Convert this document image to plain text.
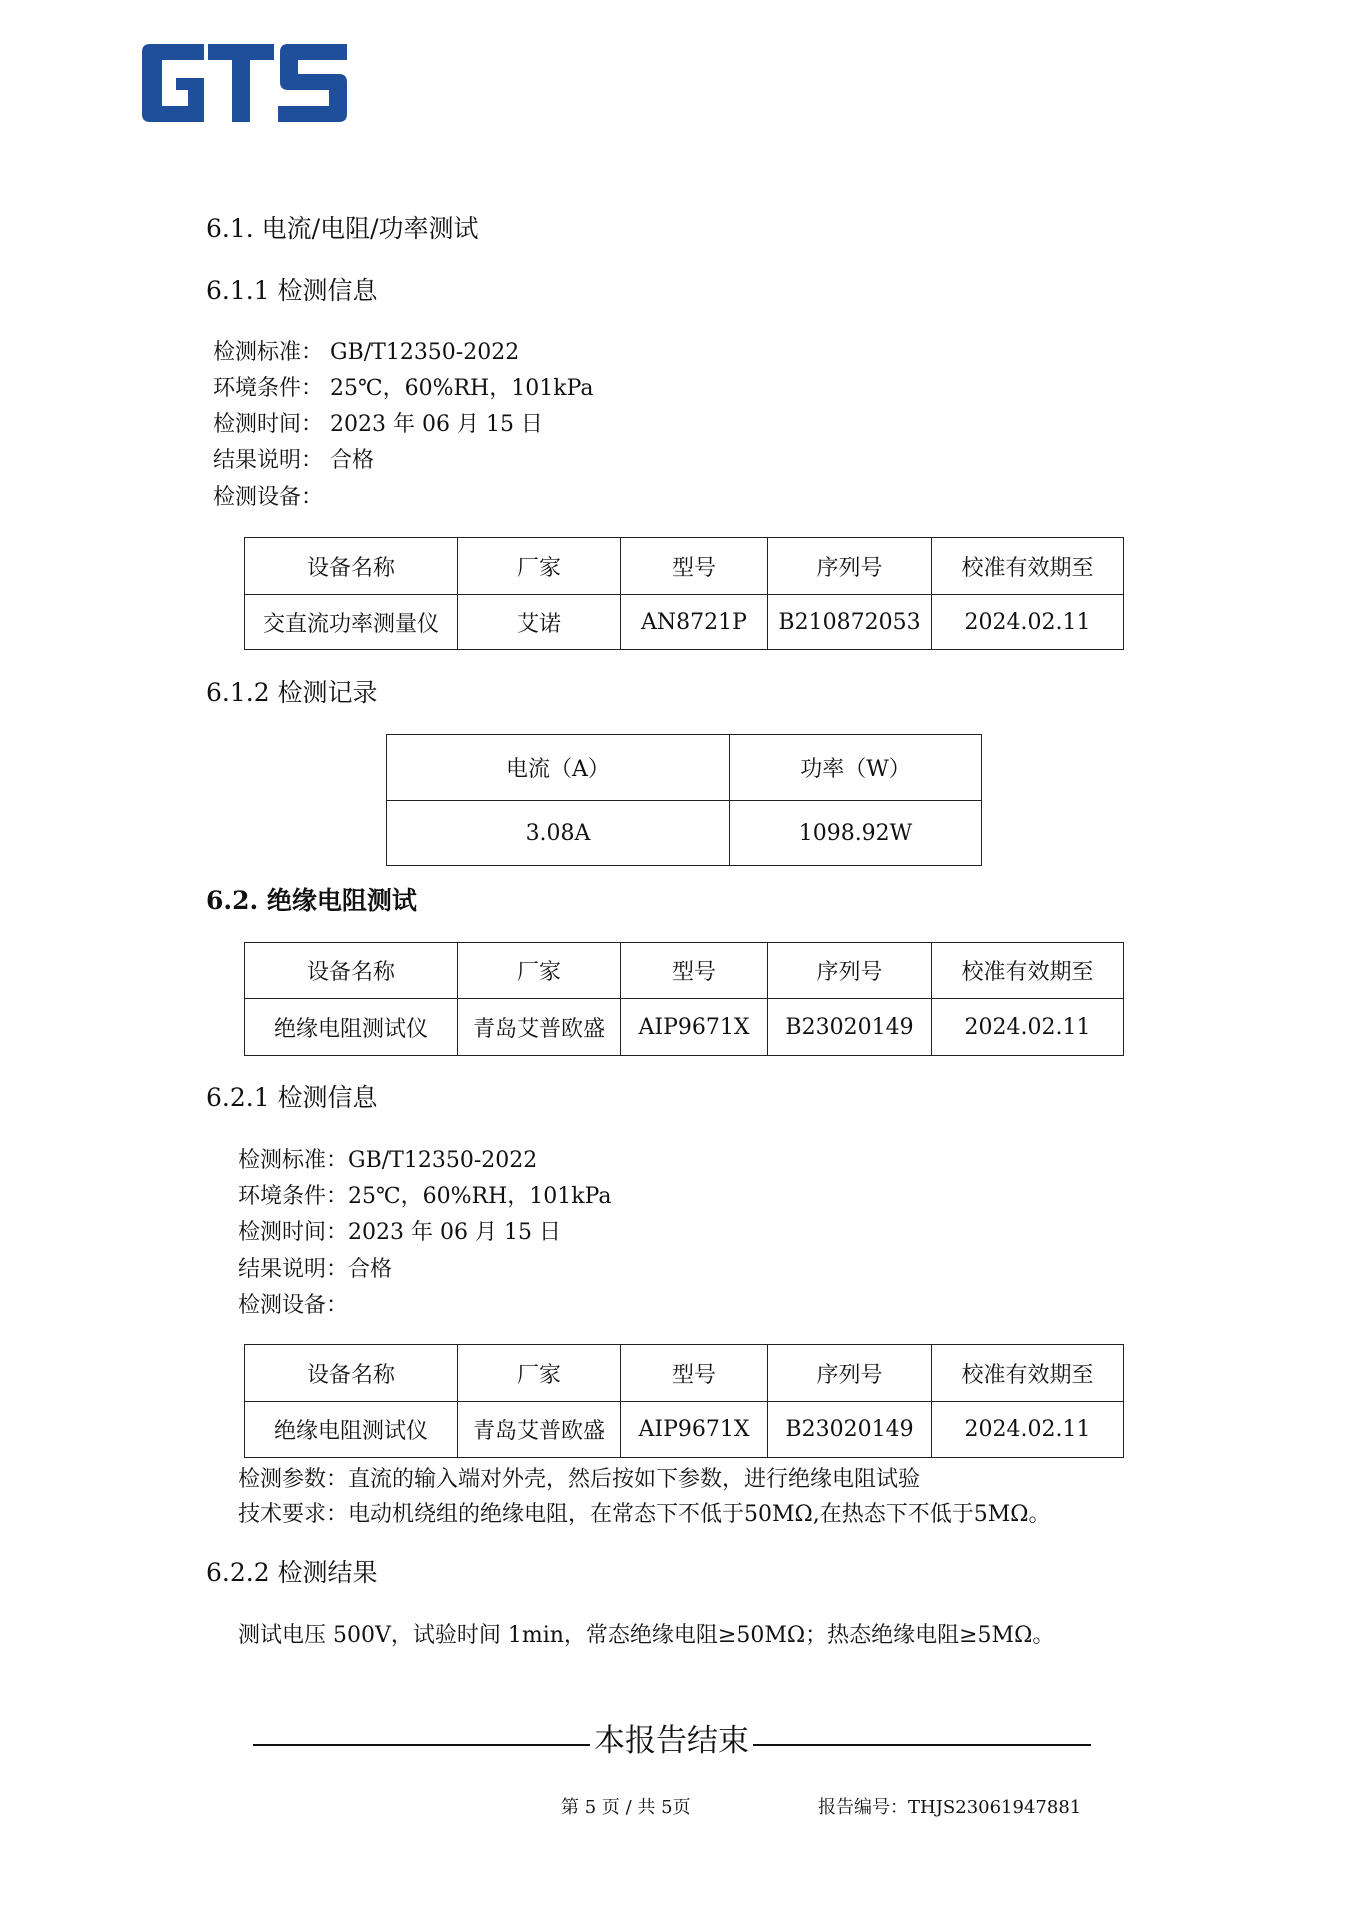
6.1. 电流/电阻/功率测试
6.1.1 检测信息
检测标准： GB/T12350-2022
环境条件： 25℃，60%RH，101kPa
检测时间： 2023 年 06 月 15 日
结果说明： 合格
检测设备：
设备名称	厂家	型号	序列号	校准有效期至
交直流功率测量仪	艾诺	AN8721P	B210872053	2024.02.11
6.1.2 检测记录
电流（A）	功率（W）
3.08A	1098.92W
6.2. 绝缘电阻测试
设备名称	厂家	型号	序列号	校准有效期至
绝缘电阻测试仪	青岛艾普欧盛	AIP9671X	B23020149	2024.02.11
6.2.1 检测信息
检测标准：GB/T12350-2022
环境条件：25℃，60%RH，101kPa
检测时间：2023 年 06 月 15 日
结果说明：合格
检测设备：
设备名称	厂家	型号	序列号	校准有效期至
绝缘电阻测试仪	青岛艾普欧盛	AIP9671X	B23020149	2024.02.11
检测参数：直流的输入端对外壳，然后按如下参数，进行绝缘电阻试验
技术要求：电动机绕组的绝缘电阻，在常态下不低于50MΩ,在热态下不低于5MΩ。
6.2.2 检测结果
测试电压 500V，试验时间 1min，常态绝缘电阻≥50MΩ；热态绝缘电阻≥5MΩ。
本报告结束
第 5 页 / 共 5页	报告编号：THJS23061947881
